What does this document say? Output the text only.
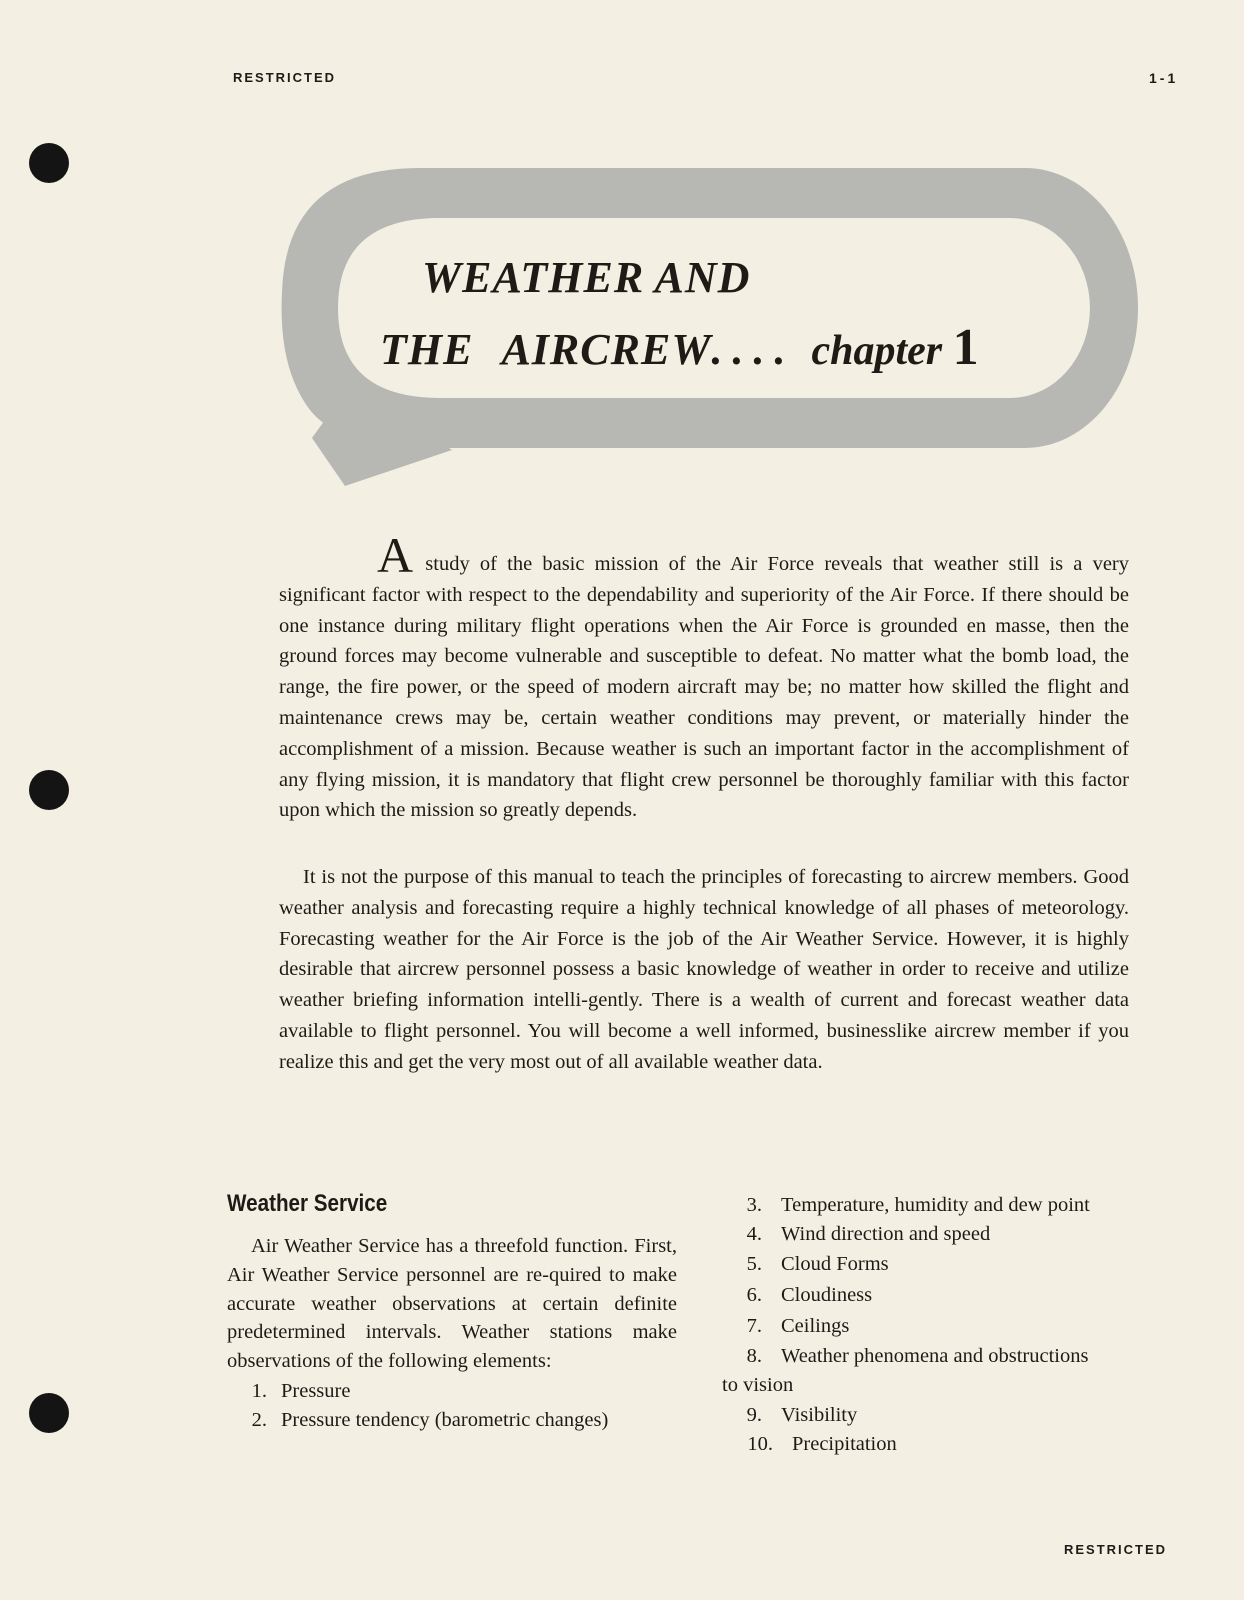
RESTRICTED	1-1
WEATHER AND
THE AIRCREW.... chapter 1

A study of the basic mission of the Air Force reveals that weather still is a very significant factor with respect to the dependability and superiority of the Air Force. If there should be one instance during military flight operations when the Air Force is grounded en masse, then the ground forces may become vulnerable and susceptible to defeat. No matter what the bomb load, the range, the fire power, or the speed of modern aircraft may be; no matter how skilled the flight and maintenance crews may be, certain weather conditions may prevent, or materially hinder the accomplishment of a mission. Because weather is such an important factor in the accomplishment of any flying mission, it is mandatory that flight crew personnel be thoroughly familiar with this factor upon which the mission so greatly depends.

It is not the purpose of this manual to teach the principles of forecasting to aircrew members. Good weather analysis and forecasting require a highly technical knowledge of all phases of meteorology. Forecasting weather for the Air Force is the job of the Air Weather Service. However, it is highly desirable that aircrew personnel possess a basic knowledge of weather in order to receive and utilize weather briefing information intelli-gently. There is a wealth of current and forecast weather data available to flight personnel. You will become a well informed, businesslike aircrew member if you realize this and get the very most out of all available weather data.

Weather Service

Air Weather Service has a threefold function. First, Air Weather Service personnel are re-quired to make accurate weather observations at certain definite predetermined intervals. Weather stations make observations of the following elements:

1. Pressure
2. Pressure tendency (barometric changes)
3. Temperature, humidity and dew point
4. Wind direction and speed
5. Cloud Forms
6. Cloudiness
7. Ceilings
8. Weather phenomena and obstructions
to vision
9. Visibility
10. Precipitation
RESTRICTED
